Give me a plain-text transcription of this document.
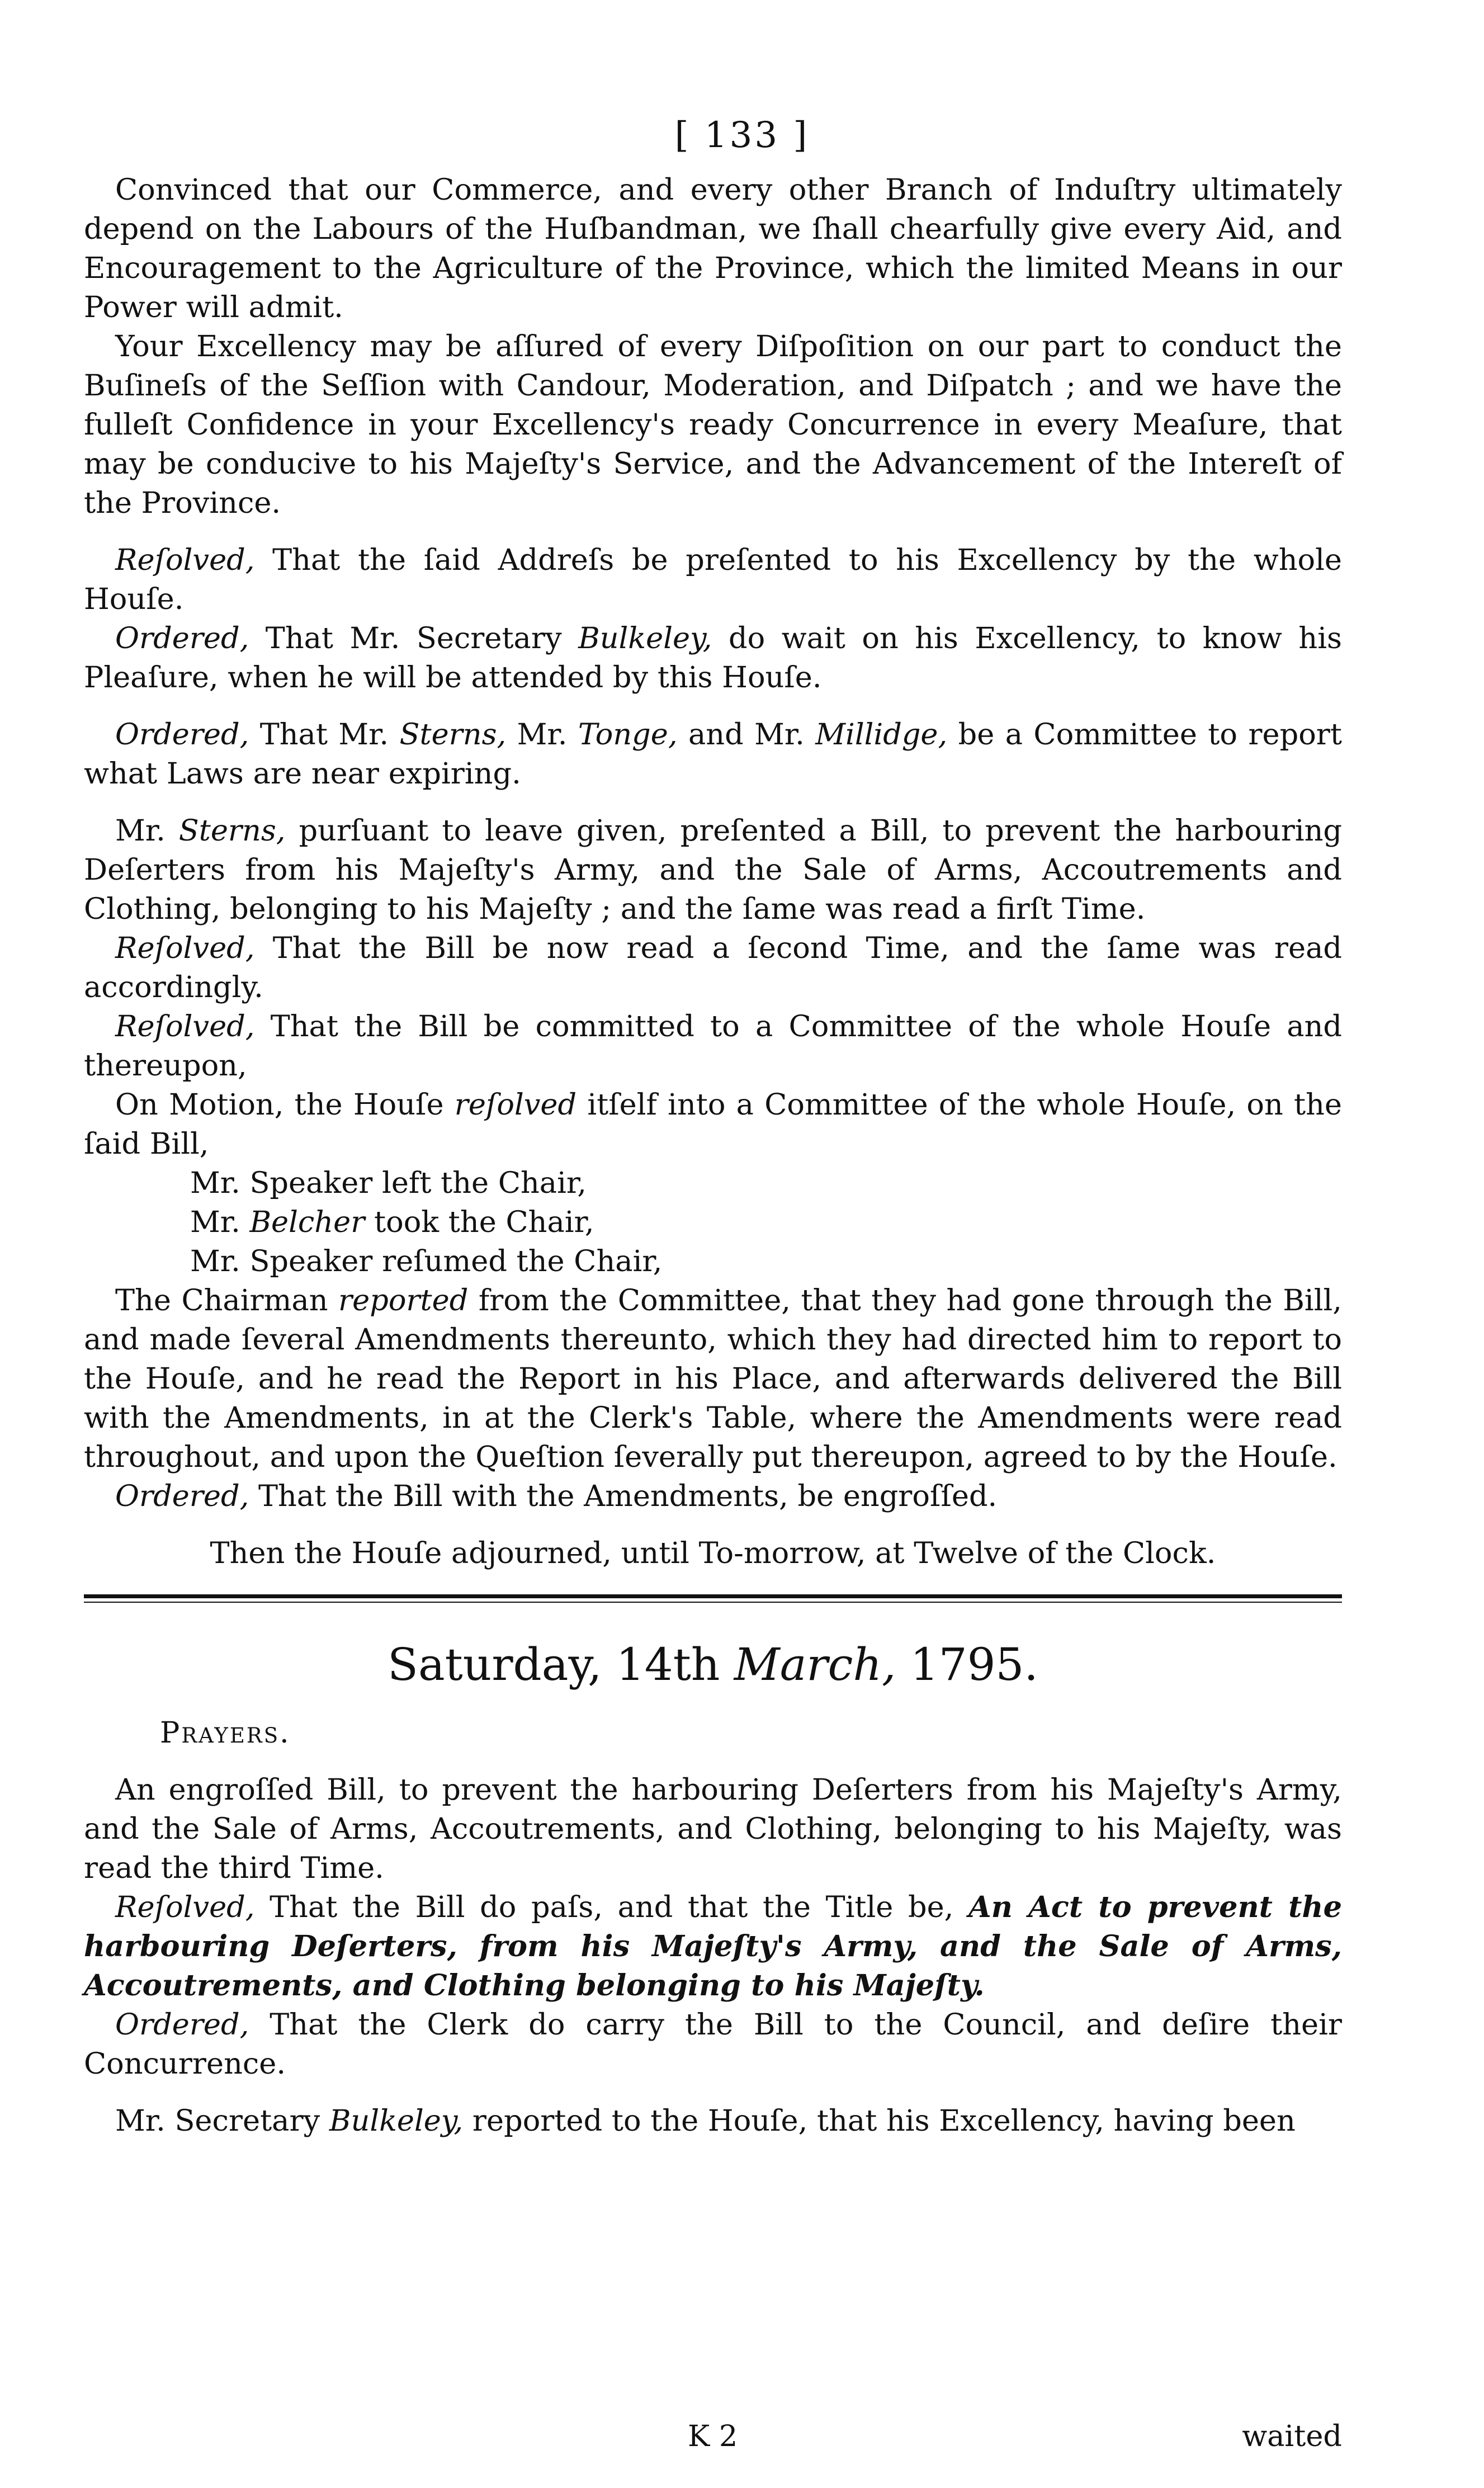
[ 133 ]

Convinced that our Commerce, and every other Branch of Induſtry ultimately depend on the Labours of the Huſbandman, we ſhall chearfully give every Aid, and Encouragement to the Agriculture of the Province, which the limited Means in our Power will admit.

Your Excellency may be aſſured of every Diſpoſition on our part to conduct the Buſineſs of the Seſſion with Candour, Moderation, and Diſpatch ; and we have the fulleſt Confidence in your Excellency's ready Concurrence in every Meaſure, that may be conducive to his Majeſty's Service, and the Advancement of the Intereſt of the Province.

Reſolved, That the ſaid Addreſs be preſented to his Excellency by the whole Houſe.

Ordered, That Mr. Secretary Bulkeley, do wait on his Excellency, to know his Pleaſure, when he will be attended by this Houſe.

Ordered, That Mr. Sterns, Mr. Tonge, and Mr. Millidge, be a Committee to report what Laws are near expiring.

Mr. Sterns, purſuant to leave given, preſented a Bill, to prevent the harbouring Deſerters from his Majeſty's Army, and the Sale of Arms, Accoutrements and Clothing, belonging to his Majeſty ; and the ſame was read a firſt Time.

Reſolved, That the Bill be now read a ſecond Time, and the ſame was read accordingly.

Reſolved, That the Bill be committed to a Committee of the whole Houſe and thereupon,

On Motion, the Houſe reſolved itſelf into a Committee of the whole Houſe, on the ſaid Bill,

Mr. Speaker left the Chair,

Mr. Belcher took the Chair,

Mr. Speaker reſumed the Chair,

The Chairman reported from the Committee, that they had gone through the Bill, and made ſeveral Amendments thereunto, which they had directed him to report to the Houſe, and he read the Report in his Place, and afterwards delivered the Bill with the Amendments, in at the Clerk's Table, where the Amendments were read throughout, and upon the Queſtion ſeverally put thereupon, agreed to by the Houſe.

Ordered, That the Bill with the Amendments, be engroſſed.

Then the Houſe adjourned, until To-morrow, at Twelve of the Clock.

Saturday, 14th March, 1795.

Prayers.

An engroſſed Bill, to prevent the harbouring Deſerters from his Majeſty's Army, and the Sale of Arms, Accoutrements, and Clothing, belonging to his Majeſty, was read the third Time.

Reſolved, That the Bill do paſs, and that the Title be, An Act to prevent the harbouring Deſerters, from his Majeſty's Army, and the Sale of Arms, Accoutrements, and Clothing belonging to his Majeſty.

Ordered, That the Clerk do carry the Bill to the Council, and deſire their Concurrence.

Mr. Secretary Bulkeley, reported to the Houſe, that his Excellency, having been

K 2	waited
